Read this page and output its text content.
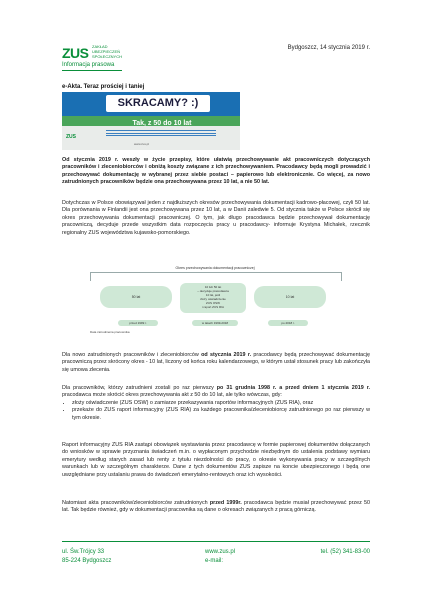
ZUS ZAKŁAD
UBEZPIECZEŃ
SPOŁECZNYCH
Informacja prasowa
Bydgoszcz, 14 stycznia 2019 r.
e-Akta. Teraz prościej i taniej
SKRACAMY? :)
Tak, z 50 do 10 lat
ZUS
www.zus.pl
Od stycznia 2019 r. weszły w życie przepisy, które ułatwią przechowywanie akt pracowniczych dotyczących pracowników i zleceniobiorców i obniżą koszty związane z ich przechowywaniem. Pracodawcy będą mogli prowadzić i przechowywać dokumentację w wybranej przez siebie postaci – papierowo lub elektronicznie. Co więcej, za nowo zatrudnionych pracowników będzie ona przechowywana przez 10 lat, a nie 50 lat.
Dotychczas w Polsce obowiązywał jeden z najdłuższych okresów przechowywania dokumentacji kadrowo-płacowej, czyli 50 lat. Dla porównania w Finlandii jest ona przechowywana przez 10 lat, a w Danii zaledwie 5. Od stycznia także w Polsce skrócił się okres przechowywania dokumentacji pracowniczej. O tym, jak długo pracodawca będzie przechowywał dokumentację pracowniczą, decyduje przede wszystkim data rozpoczęcia pracy u pracodawcy- informuje Krystyna Michałek, rzecznik regionalny ZUS województwa kujawsko-pomorskiego.
Okres przechowywania dokumentacji pracowniczej
50 lat
10 lub 50 lat
– decyduje pracodawca
10 lat, jeśli
złoży oświadczenie
ZUS OSW
i raport ZUS RIA
10 lat
przed 1999 r.	w latach 1999-2018	po 2018 r.
Data zatrudnienia pracownika
Dla nowo zatrudnionych pracowników i zleceniobiorców od stycznia 2019 r. pracodawcy będą przechowywać dokumentację pracowniczą przez skrócony okres - 10 lat, liczony od końca roku kalendarzowego, w którym ustał stosunek pracy lub zakończyła się umowa zlecenia.
Dla pracowników, którzy zatrudnieni zostali po raz pierwszy po 31 grudnia 1998 r. a przed dniem 1 stycznia 2019 r. pracodawca może skrócić okres przechowywania akt z 50 do 10 lat, ale tylko wówczas, gdy:
• złoży oświadczenie (ZUS OSW) o zamiarze przekazywania raportów informacyjnych (ZUS RIA), oraz
• przekaże do ZUS raport informacyjny (ZUS RIA) za każdego pracownika/zleceniobiorcę zatrudnionego po raz pierwszy w tym okresie.
Raport informacyjny ZUS RIA zastąpi obowiązek wystawiania przez pracodawcę w formie papierowej dokumentów dołączanych do wniosków w sprawie przyznania świadczeń m.in. o wypłaconym przychodzie niezbędnym do ustalenia podstawy wymiaru emerytury według starych zasad lub renty z tytułu niezdolności do pracy, o okresie wykonywania pracy w szczególnych warunkach lub w szczególnym charakterze. Dane z tych dokumentów ZUS zapisze na koncie ubezpieczonego i będą one uwzględniane przy ustalaniu prawa do świadczeń emerytalno-rentowych oraz ich wysokości.
Natomiast akta pracowników/zleceniobiorców zatrudnionych przed 1999r. pracodawca będzie musiał przechowywać przez 50 lat. Tak będzie również, gdy w dokumentacji pracownika są dane o okresach związanych z pracą górniczą.
ul. Św.Trójcy 33
85-224 Bydgoszcz
www.zus.pl
e-mail:
tel. (52) 341-83-00
